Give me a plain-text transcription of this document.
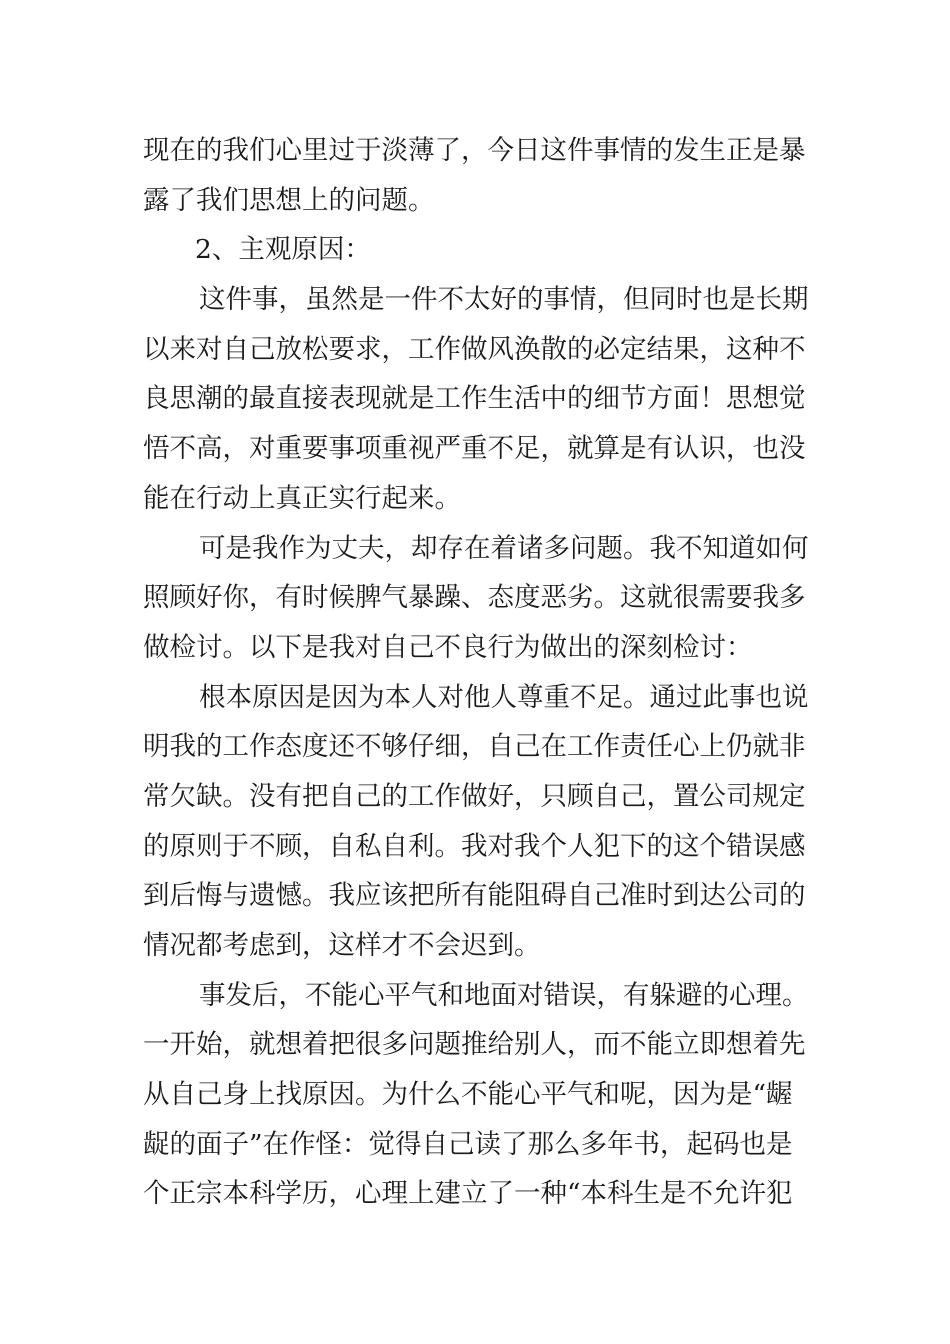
现在的我们心里过于淡薄了，今日这件事情的发生正是暴
露了我们思想上的问题。
2、主观原因：
这件事，虽然是一件不太好的事情，但同时也是长期
以来对自己放松要求，工作做风涣散的必定结果，这种不
良思潮的最直接表现就是工作生活中的细节方面！思想觉
悟不高，对重要事项重视严重不足，就算是有认识，也没
能在行动上真正实行起来。
可是我作为丈夫，却存在着诸多问题。我不知道如何
照顾好你，有时候脾气暴躁、态度恶劣。这就很需要我多
做检讨。以下是我对自己不良行为做出的深刻检讨：
根本原因是因为本人对他人尊重不足。通过此事也说
明我的工作态度还不够仔细，自己在工作责任心上仍就非
常欠缺。没有把自己的工作做好，只顾自己，置公司规定
的原则于不顾，自私自利。我对我个人犯下的这个错误感
到后悔与遗憾。我应该把所有能阻碍自己准时到达公司的
情况都考虑到，这样才不会迟到。
事发后，不能心平气和地面对错误，有躲避的心理。
一开始，就想着把很多问题推给别人，而不能立即想着先
从自己身上找原因。为什么不能心平气和呢，因为是“龌
龊的面子”在作怪：觉得自己读了那么多年书，起码也是
个正宗本科学历，心理上建立了一种“本科生是不允许犯
